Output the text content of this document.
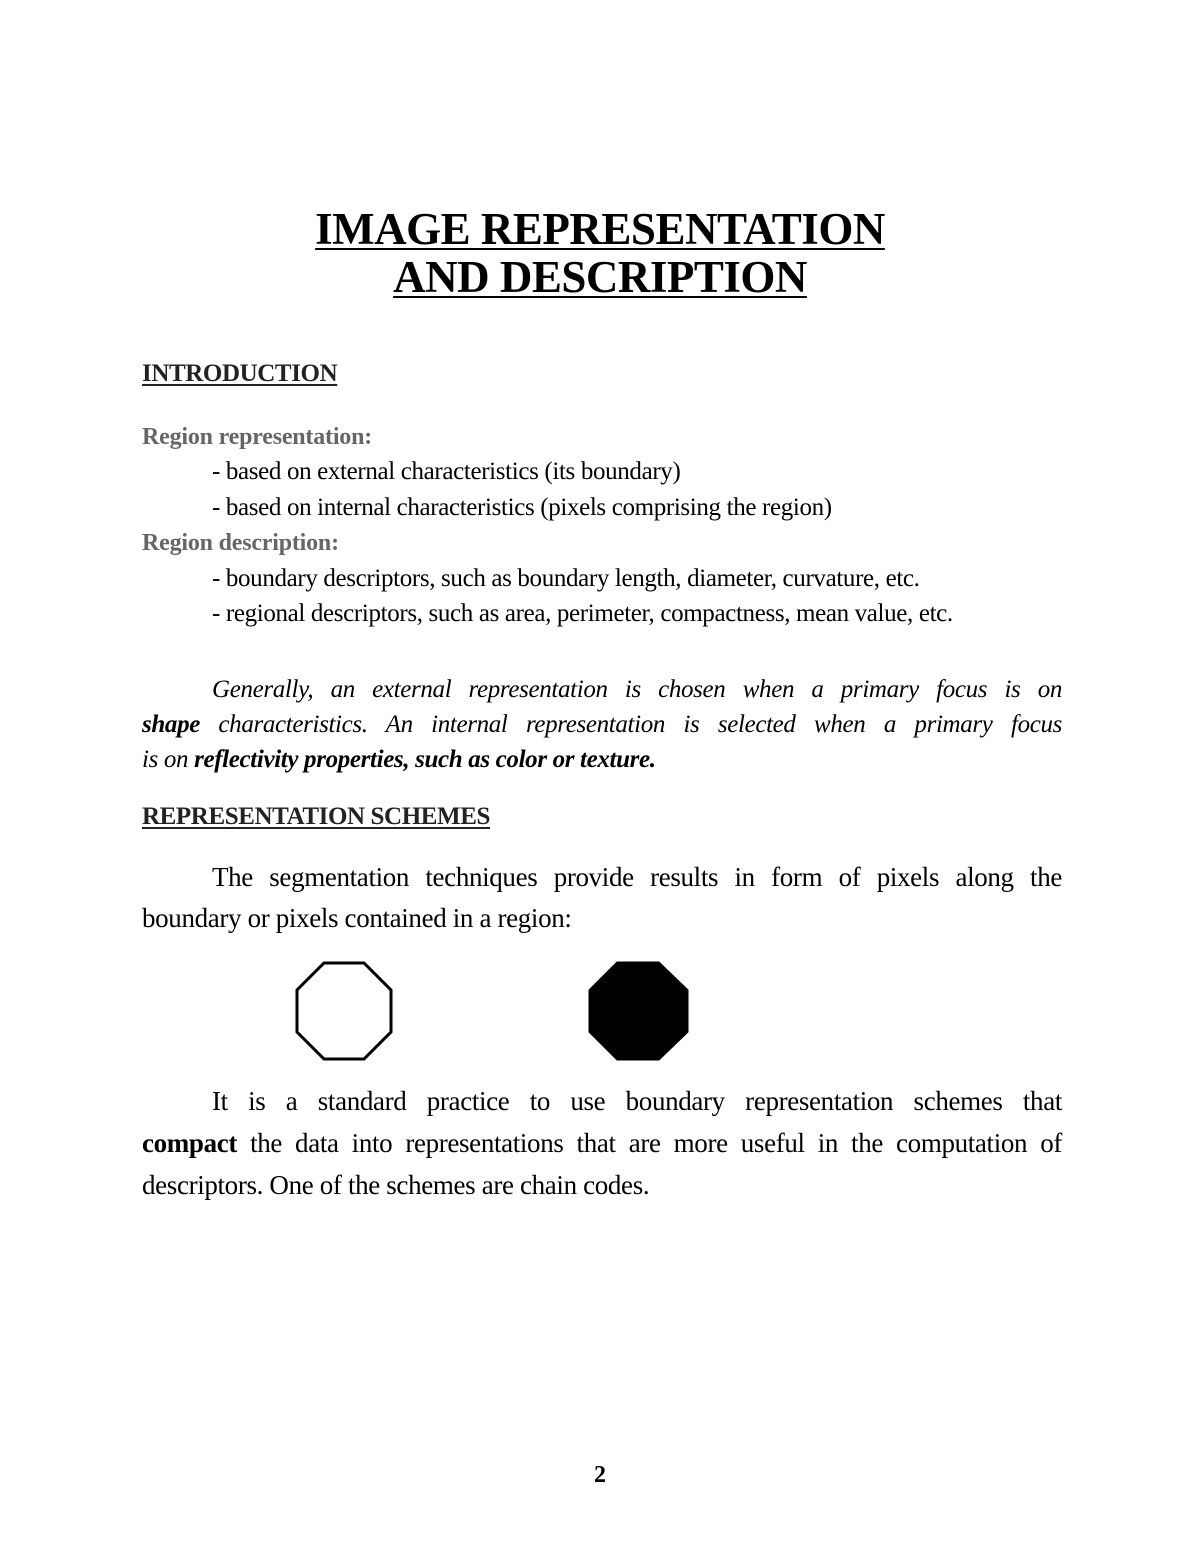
IMAGE REPRESENTATION
AND DESCRIPTION
INTRODUCTION
Region representation:
- based on external characteristics (its boundary)
- based on internal characteristics (pixels comprising the region)
Region description:
- boundary descriptors, such as boundary length, diameter, curvature, etc.
- regional descriptors, such as area, perimeter, compactness, mean value, etc.
Generally, an external representation is chosen when a primary focus is on
shape characteristics. An internal representation is selected when a primary focus
is on reflectivity properties, such as color or texture.
REPRESENTATION SCHEMES
The segmentation techniques provide results in form of pixels along the
boundary or pixels contained in a region:
It is a standard practice to use boundary representation schemes that
compact the data into representations that are more useful in the computation of
descriptors. One of the schemes are chain codes.
2
